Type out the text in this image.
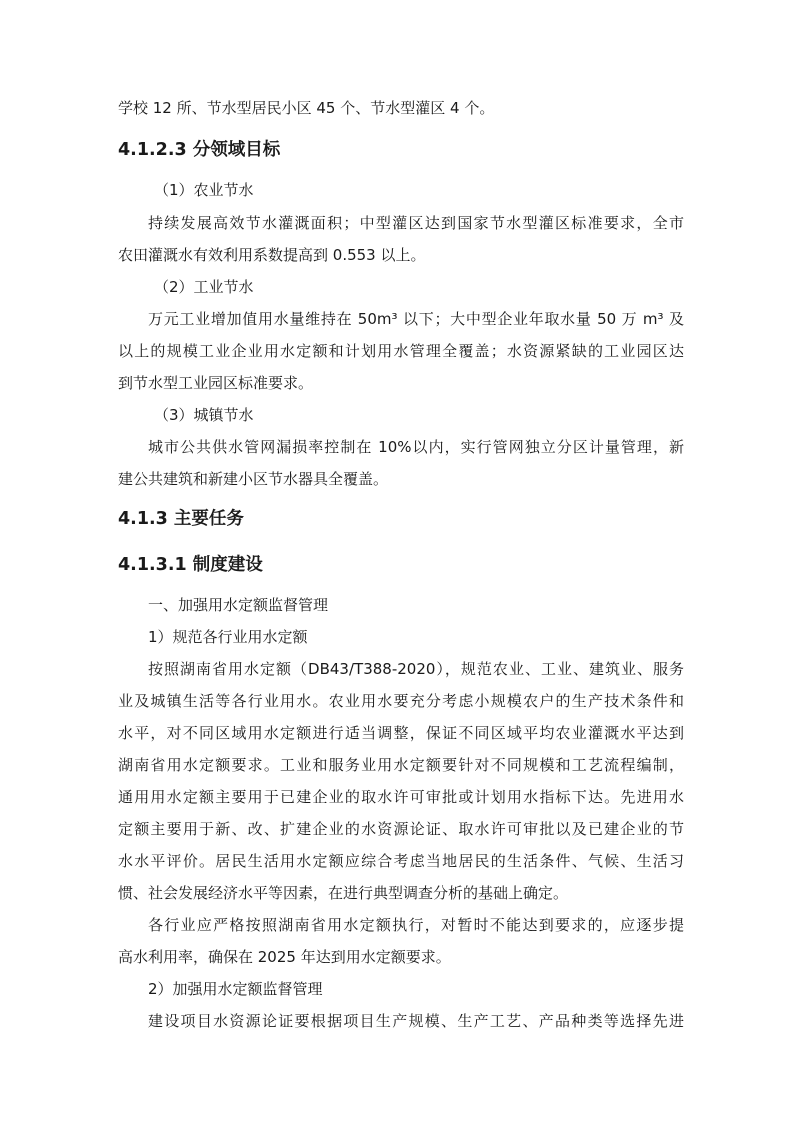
学校 12 所、节水型居民小区 45 个、节水型灌区 4 个。
4.1.2.3 分领域目标
（1）农业节水
持续发展高效节水灌溉面积；中型灌区达到国家节水型灌区标准要求，全市
农田灌溉水有效利用系数提高到 0.553 以上。
（2）工业节水
万元工业增加值用水量维持在 50m³ 以下；大中型企业年取水量 50 万 m³ 及
以上的规模工业企业用水定额和计划用水管理全覆盖；水资源紧缺的工业园区达
到节水型工业园区标准要求。
（3）城镇节水
城市公共供水管网漏损率控制在 10%以内，实行管网独立分区计量管理，新
建公共建筑和新建小区节水器具全覆盖。
4.1.3 主要任务
4.1.3.1 制度建设
一、加强用水定额监督管理
1）规范各行业用水定额
按照湖南省用水定额（DB43/T388-2020），规范农业、工业、建筑业、服务
业及城镇生活等各行业用水。农业用水要充分考虑小规模农户的生产技术条件和
水平，对不同区域用水定额进行适当调整，保证不同区域平均农业灌溉水平达到
湖南省用水定额要求。工业和服务业用水定额要针对不同规模和工艺流程编制，
通用用水定额主要用于已建企业的取水许可审批或计划用水指标下达。先进用水
定额主要用于新、改、扩建企业的水资源论证、取水许可审批以及已建企业的节
水水平评价。居民生活用水定额应综合考虑当地居民的生活条件、气候、生活习
惯、社会发展经济水平等因素，在进行典型调查分析的基础上确定。
各行业应严格按照湖南省用水定额执行，对暂时不能达到要求的，应逐步提
高水利用率，确保在 2025 年达到用水定额要求。
2）加强用水定额监督管理
建设项目水资源论证要根据项目生产规模、生产工艺、产品种类等选择先进
